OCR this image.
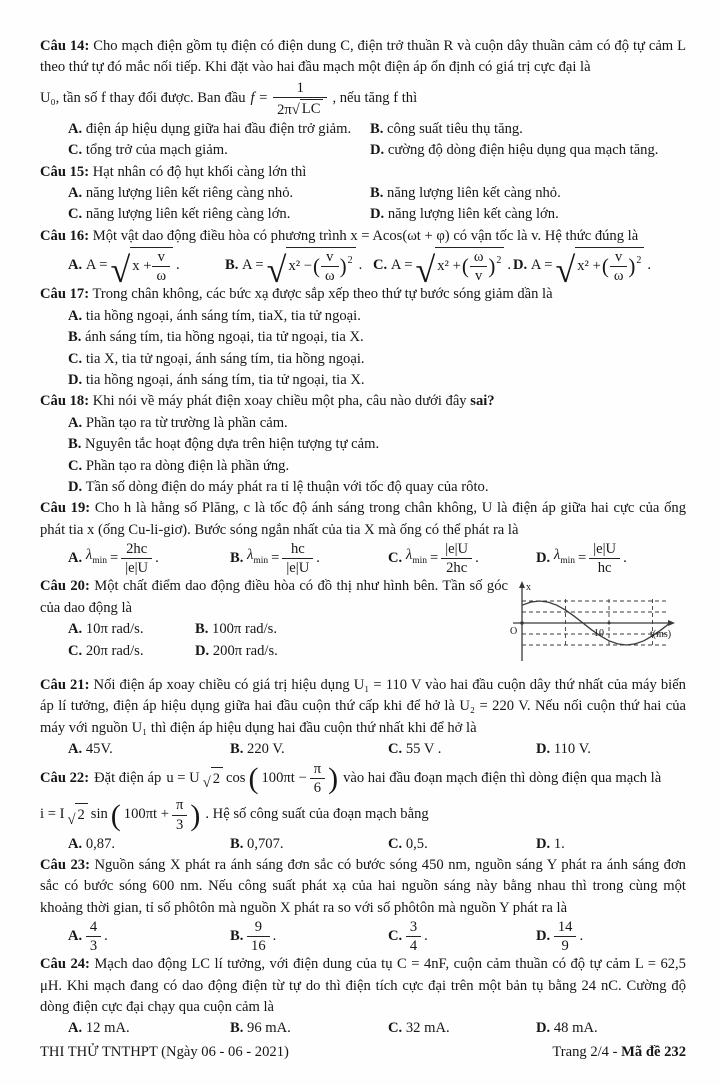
Câu 14: Cho mạch điện gồm tụ điện có điện dung C, điện trở thuần R và cuộn dây thuần cảm có độ tự cảm L theo thứ tự đó mắc nối tiếp. Khi đặt vào hai đầu mạch một điện áp ổn định có giá trị cực đại là

U₀, tần số f thay đổi được. Ban đầu $f = \frac{1}{2\pi √ LC}$ , nếu tăng f thì
A. điện áp hiệu dụng giữa hai đầu điện trở giảm.	B. công suất tiêu thụ tăng.
C. tổng trở của mạch giảm.	D. cường độ dòng điện hiệu dụng qua mạch tăng.

Câu 15: Hạt nhân có độ hụt khối càng lớn thì

A. năng lượng liên kết riêng càng nhỏ.	B. năng lượng liên kết càng nhỏ.
C. năng lượng liên kết riêng càng lớn.	D. năng lượng liên kết càng lớn.

Câu 16: Một vật dao động điều hòa có phương trình x = Acos(ωt + φ) có vận tốc là v. Hệ thức đúng là

A. A = √ $x + \frac{v}{\omega}$ .	B. A = √ x² − ( $\frac{v}{\omega}$ ) 2 . C. A = √ x² + ( $\frac{\omega}{v}$ ) 2 . D. A = √ x² + ( $\frac{v}{\omega}$ ) 2 .

Câu 17: Trong chân không, các bức xạ được sắp xếp theo thứ tự bước sóng giảm dần là

A. tia hồng ngoại, ánh sáng tím, tiaX, tia tử ngoại.
B. ánh sáng tím, tia hồng ngoại, tia tử ngoại, tia X.
C. tia X, tia tử ngoại, ánh sáng tím, tia hồng ngoại.
D. tia hồng ngoại, ánh sáng tím, tia tử ngoại, tia X.

Câu 18: Khi nói về máy phát điện xoay chiều một pha, câu nào dưới đây sai?

A. Phần tạo ra từ trường là phần cảm.
B. Nguyên tắc hoạt động dựa trên hiện tượng tự cảm.
C. Phần tạo ra dòng điện là phần ứng.
D. Tần số dòng điện do máy phát ra tỉ lệ thuận với tốc độ quay của rôto.

Câu 19: Cho h là hằng số Plăng, c là tốc độ ánh sáng trong chân không, U là điện áp giữa hai cực của ống phát tia x (ống Cu-li-giơ). Bước sóng ngắn nhất của tia X mà ống có thể phát ra là

A. $\lambda_{min} = \frac{2hc}{|e|U}$ .	B. $\lambda_{min} = \frac{hc}{|e|U}$ .	C. $\lambda_{min} = \frac{|e|U}{2hc}$ .	D. $\lambda_{min} = \frac{|e|U}{hc}$ .

Câu 20: Một chất điểm dao động điều hòa có đồ thị như hình bên. Tần số góc của dao động là

A. 10π rad/s.	B. 100π rad/s.
C. 20π rad/s.	D. 200π rad/s.
x
O	10	t(ms)

Câu 21: Nối điện áp xoay chiều có giá trị hiệu dụng U₁ = 110 V vào hai đầu cuộn dây thứ nhất của máy biến áp lí tưởng, điện áp hiệu dụng giữa hai đầu cuộn thứ cấp khi để hở là U₂ = 220 V. Nếu nối cuộn thứ hai của máy với nguồn U₁ thì điện áp hiệu dụng hai đầu cuộn thứ nhất khi để hở là

A. 45V.	B. 220 V.	C. 55 V .	D. 110 V.
Câu 22: Đặt điện áp u = U √ 2 cos ( $100\pi t - \frac{\pi}{6}$ ) vào hai đầu đoạn mạch điện thì dòng điện qua mạch là
i = I √ 2 sin ( $100\pi t + \frac{\pi}{3}$ ) . Hệ số công suất của đoạn mạch bằng
A. 0,87.	B. 0,707.	C. 0,5.	D. 1.

Câu 23: Nguồn sáng X phát ra ánh sáng đơn sắc có bước sóng 450 nm, nguồn sáng Y phát ra ánh sáng đơn sắc có bước sóng 600 nm. Nếu công suất phát xạ của hai nguồn sáng này bằng nhau thì trong cùng một khoảng thời gian, tỉ số phôtôn mà nguồn X phát ra so với số phôtôn mà nguồn Y phát ra là

A. $\frac{4}{3}$ .	B. $\frac{9}{16}$ .	C. $\frac{3}{4}$ .	D. $\frac{14}{9}$ .

Câu 24: Mạch dao động LC lí tưởng, với điện dung của tụ C = 4nF, cuộn cảm thuần có độ tự cảm L = 62,5 μH. Khi mạch đang có dao động điện từ tự do thì điện tích cực đại trên một bản tụ bằng 24 nC. Cường độ dòng điện cực đại chạy qua cuộn cảm là

A. 12 mA.	B. 96 mA.	C. 32 mA.	D. 48 mA.
THI THỬ TNTHPT (Ngày 06 - 06 - 2021)	Trang 2/4 - Mã đề 232
